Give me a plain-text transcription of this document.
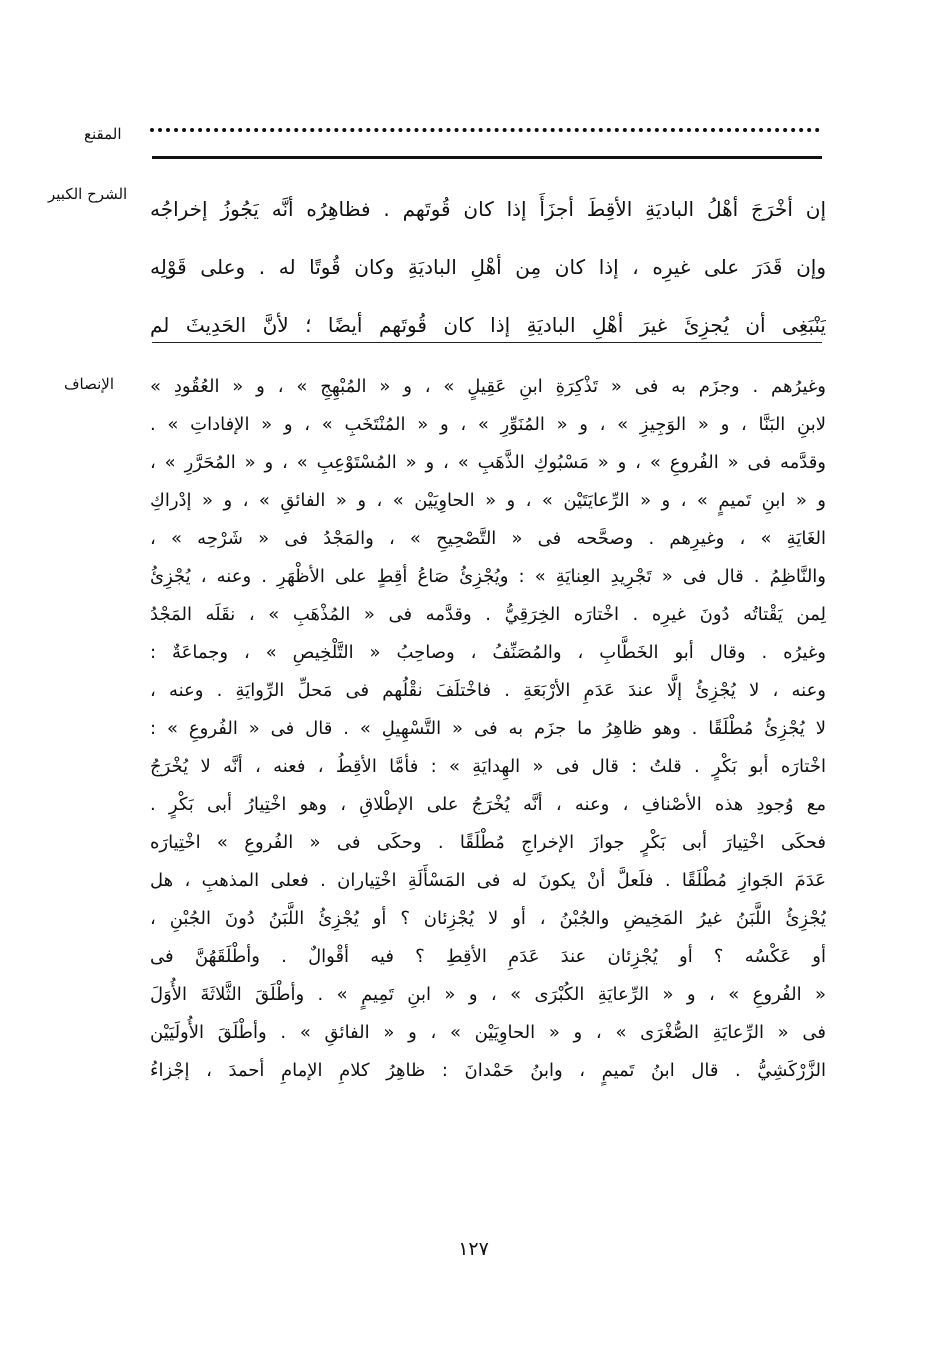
المقنع
الشرح الكبير
إن أخْرَجَ أهْلُ الباديَةِ الأقِطَ أجزَأَ إذا كان قُوتَهم . فظاهِرُه أنَّه يَجُوزُ إخراجُه
وإن قَدَرَ على غيرِه ، إذا كان مِن أهْلِ الباديَةِ وكان قُوتًا له . وعلى قَوْلِه
يَنْبَغِى أن يُجزِئَ غيرَ أهْلِ الباديَةِ إذا كان قُوتَهم أيضًا ؛ لأنَّ الحَدِيثَ لم
الإنصاف وغيرُهم . وجزَم به فى « تَذْكِرَةِ ابنِ عَقِيلٍ » ، و « المُبْهِجِ » ، و « العُقُودِ »
لابنِ البَنَّا ، و « الوَجِيزِ » ، و « المُنَوِّرِ » ، و « المُنْتَخَبِ » ، و « الإفاداتِ » .
وقدَّمه فى « الفُروعِ » ، و « مَسْبُوكِ الذَّهَبِ » ، و « المُسْتَوْعِبِ » ، و « المُحَرَّرِ » ،
و « ابنِ تَميمٍ » ، و « الرِّعايَتَيْن » ، و « الحاوِيَيْن » ، و « الفائقِ » ، و « إدْراكِ
الغَايَةِ » ، وغيرِهم . وصحَّحه فى « التَّصْحِيحِ » ، والمَجْدُ فى « شَرْحِه » ،
والنَّاظِمُ . قال فى « تَجْرِيدِ العِنايَةِ » : ويُجْزِئُ صَاعُ أقِطٍ على الأظْهَرِ . وعنه ، يُجْزِئُ
لِمن يَقْتاتُه دُونَ غيرِه . اخْتارَه الخِرَقِيُّ . وقدَّمه فى « المُذْهَبِ » ، نقَلَه المَجْدُ
وغيرُه . وقال أبو الخَطَّابِ ، والمُصَنِّفُ ، وصاحِبُ « التَّلْخِيصِ » ، وجماعَةٌ :
وعنه ، لا يُجْزِئُ إلَّا عندَ عَدَمِ الأرْبَعَةِ . فاخْتلَفَ نقْلُهم فى مَحلِّ الرِّوايَةِ . وعنه ،
لا يُجْزِئُ مُطْلَقًا . وهو ظاهِرُ ما جزَم به فى « التَّسْهِيلِ » . قال فى « الفُروعِ » :
اخْتارَه أبو بَكْرٍ . قلتُ : قال فى « الهِدايَةِ » : فأمَّا الأقِطُ ، فعنه ، أنَّه لا يُخْرَجُ
مع وُجودِ هذه الأصْنافِ ، وعنه ، أنَّه يُخْرَجُ على الإطْلاقِ ، وهو اخْتِيارُ أبى بَكْرٍ .
فحكَى اخْتِيارَ أبى بَكْرٍ جوازَ الإخراجِ مُطْلَقًا . وحكَى فى « الفُروعِ » اخْتِيارَه
عَدَمَ الجَوازِ مُطْلَقًا . فلَعلَّ أنْ يكونَ له فى المَسْأَلَةِ اخْتِياران . فعلى المذهبِ ، هل
يُجْزِئُ اللَّبَنُ غيرُ المَخِيضِ والجُبْنُ ، أو لا يُجْزِئان ؟ أو يُجْزِئُ اللَّبَنُ دُونَ الجُبْنِ ،
أو عَكْسُه ؟ أو يُجْزِئان عندَ عَدَمِ الأقِطِ ؟ فيه أقْوالٌ . وأطْلَقَهُنَّ فى
« الفُروعِ » ، و « الرِّعايَةِ الكُبْرَى » ، و « ابنِ تَمِيمٍ » . وأطْلَقَ الثَّلاثَةَ الأُوَلَ
فى « الرِّعايَةِ الصُّغْرَى » ، و « الحاوِيَيْن » ، و « الفائقِ » . وأطْلَقَ الأُولَيَيْن
الزَّرْكَشِيُّ . قال ابنُ تَميمٍ ، وابنُ حَمْدانَ : ظاهِرُ كلامِ الإمامِ أحمدَ ، إجْزاءُ
١٢٧
